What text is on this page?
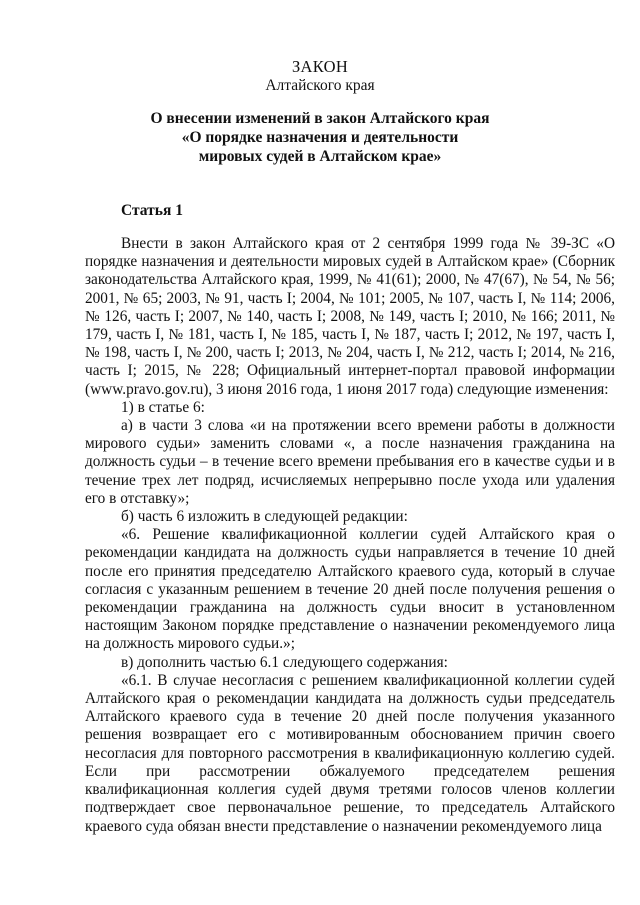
ЗАКОН
Алтайского края
О внесении изменений в закон Алтайского края
«О порядке назначения и деятельности
мировых судей в Алтайском крае»
Статья 1

Внести в закон Алтайского края от 2 сентября 1999 года № 39-ЗС «О порядке назначения и деятельности мировых судей в Алтайском крае» (Сборник законодательства Алтайского края, 1999, № 41(61); 2000, № 47(67), № 54, № 56; 2001, № 65; 2003, № 91, часть I; 2004, № 101; 2005, № 107, часть I, № 114; 2006, № 126, часть I; 2007, № 140, часть I; 2008, № 149, часть I; 2010, № 166; 2011, № 179, часть I, № 181, часть I, № 185, часть I, № 187, часть I; 2012, № 197, часть I, № 198, часть I, № 200, часть I; 2013, № 204, часть I, № 212, часть I; 2014, № 216, часть I; 2015, № 228; Официальный интернет-портал правовой информации (www.pravo.gov.ru), 3 июня 2016 года, 1 июня 2017 года) следующие изменения:

1) в статье 6:

а) в части 3 слова «и на протяжении всего времени работы в должности мирового судьи» заменить словами «, а после назначения гражданина на должность судьи – в течение всего времени пребывания его в качестве судьи и в течение трех лет подряд, исчисляемых непрерывно после ухода или удаления его в отставку»;

б) часть 6 изложить в следующей редакции:

«6. Решение квалификационной коллегии судей Алтайского края о рекомендации кандидата на должность судьи направляется в течение 10 дней после его принятия председателю Алтайского краевого суда, который в случае согласия с указанным решением в течение 20 дней после получения решения о рекомендации гражданина на должность судьи вносит в установленном настоящим Законом порядке представление о назначении рекомендуемого лица на должность мирового судьи.»;

в) дополнить частью 6.1 следующего содержания:

«6.1. В случае несогласия с решением квалификационной коллегии судей Алтайского края о рекомендации кандидата на должность судьи председатель Алтайского краевого суда в течение 20 дней после получения указанного решения возвращает его с мотивированным обоснованием причин своего несогласия для повторного рассмотрения в квалификационную коллегию судей. Если при рассмотрении обжалуемого председателем решения квалификационная коллегия судей двумя третями голосов членов коллегии подтверждает свое первоначальное решение, то председатель Алтайского краевого суда обязан внести представление о назначении рекомендуемого лица
